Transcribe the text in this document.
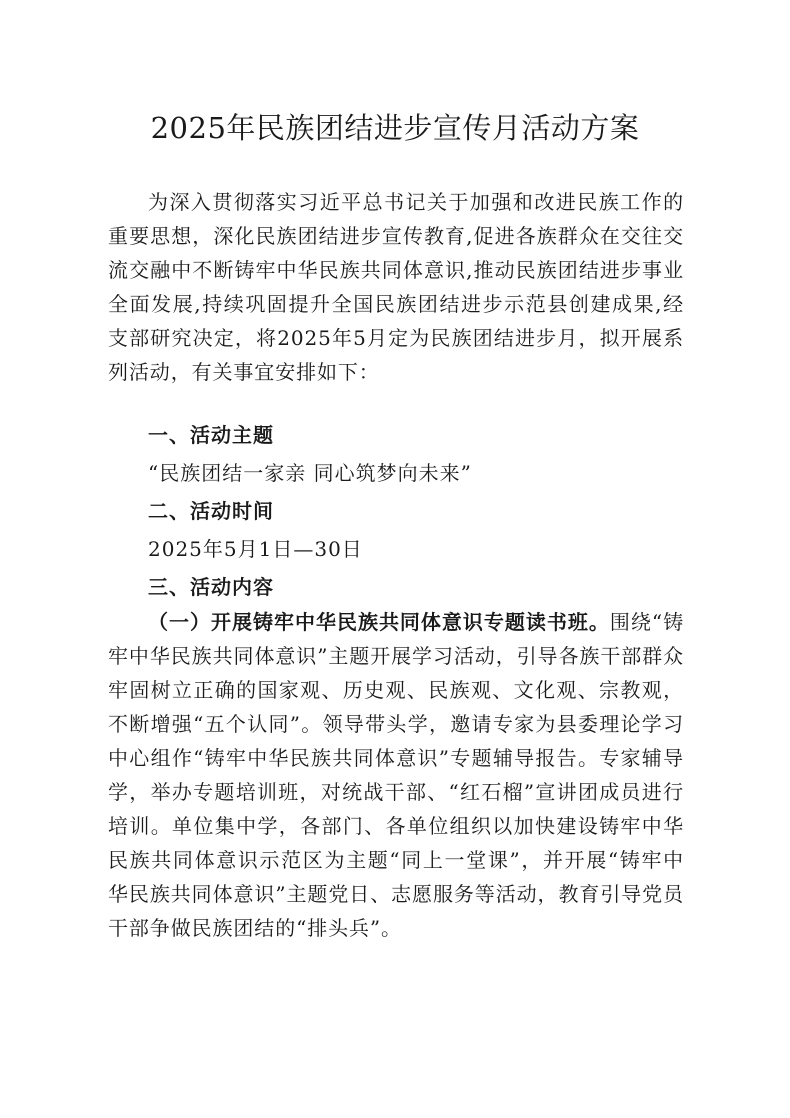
2025年民族团结进步宣传月活动方案

为深入贯彻落实习近平总书记关于加强和改进民族工作的重要思想，深化民族团结进步宣传教育,促进各族群众在交往交流交融中不断铸牢中华民族共同体意识,推动民族团结进步事业全面发展,持续巩固提升全国民族团结进步示范县创建成果,经支部研究决定，将2025年5月定为民族团结进步月，拟开展系列活动，有关事宜安排如下：

一、活动主题

“民族团结一家亲 同心筑梦向未来”

二、活动时间

2025年5月1日—30日

三、活动内容

（一）开展铸牢中华民族共同体意识专题读书班。围绕“铸牢中华民族共同体意识”主题开展学习活动，引导各族干部群众牢固树立正确的国家观、历史观、民族观、文化观、宗教观，不断增强“五个认同”。领导带头学，邀请专家为县委理论学习中心组作“铸牢中华民族共同体意识”专题辅导报告。专家辅导学，举办专题培训班，对统战干部、“红石榴”宣讲团成员进行培训。单位集中学，各部门、各单位组织以加快建设铸牢中华民族共同体意识示范区为主题“同上一堂课”，并开展“铸牢中华民族共同体意识”主题党日、志愿服务等活动，教育引导党员干部争做民族团结的“排头兵”。
